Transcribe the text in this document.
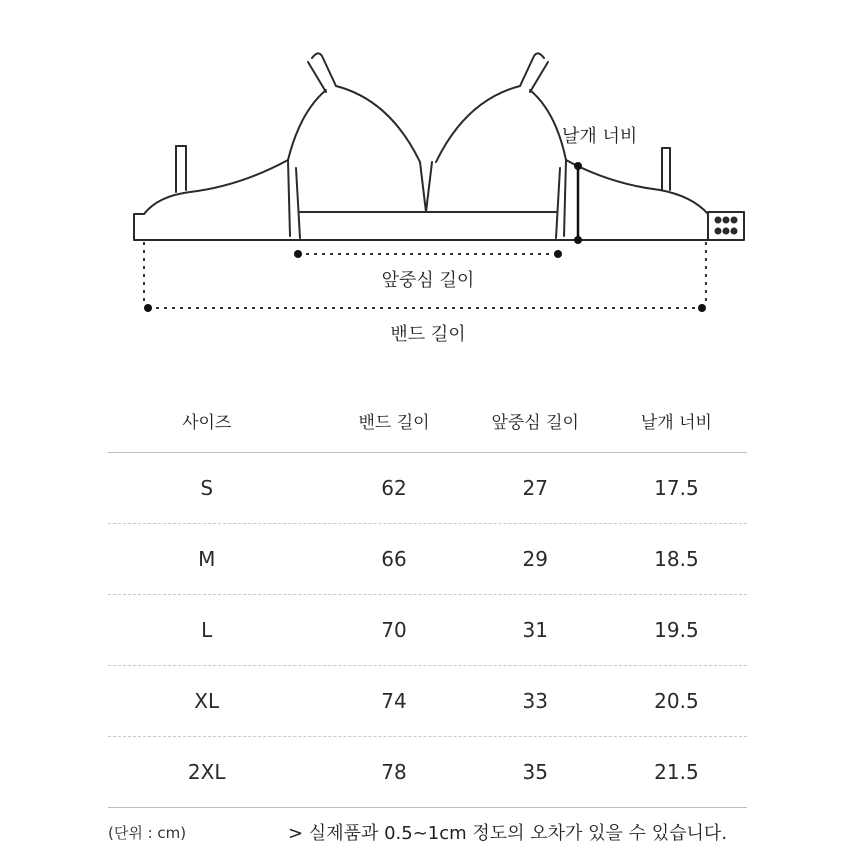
날개 너비
앞중심 길이
밴드 길이
사이즈	밴드 길이	앞중심 길이	날개 너비
S	62	27	17.5
M	66	29	18.5
L	70	31	19.5
XL	74	33	20.5
2XL	78	35	21.5
(단위 : cm)	> 실제품과 0.5~1cm 정도의 오차가 있을 수 있습니다.
